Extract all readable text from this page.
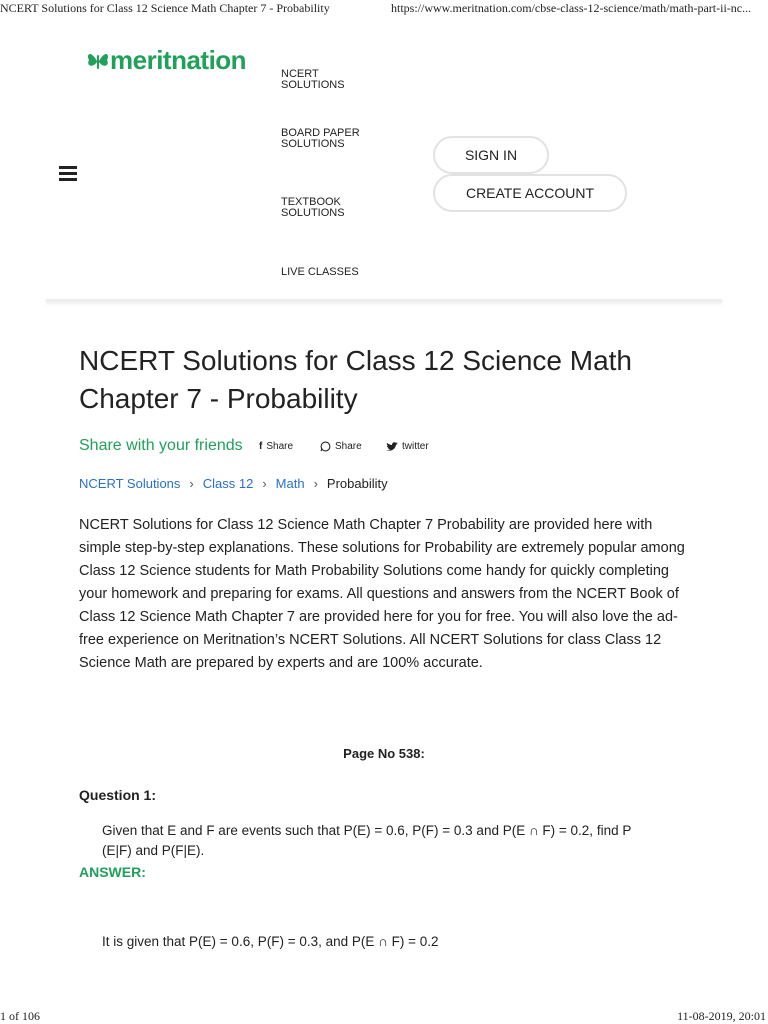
NCERT Solutions for Class 12 Science Math Chapter 7 - Probability	https://www.meritnation.com/cbse-class-12-science/math/math-part-ii-nc...
meritnation	NCERT SOLUTIONS
BOARD PAPER SOLUTIONS
TEXTBOOK SOLUTIONS
LIVE CLASSES
SIGN IN
CREATE ACCOUNT
NCERT Solutions for Class 12 Science Math Chapter 7 - Probability
Share with your friends f Share	Share	twitter
NCERT Solutions › Class 12 › Math › Probability
NCERT Solutions for Class 12 Science Math Chapter 7 Probability are provided here with simple step-by-step explanations. These solutions for Probability are extremely popular among Class 12 Science students for Math Probability Solutions come handy for quickly completing your homework and preparing for exams. All questions and answers from the NCERT Book of Class 12 Science Math Chapter 7 are provided here for you for free. You will also love the ad-free experience on Meritnation’s NCERT Solutions. All NCERT Solutions for class Class 12 Science Math are prepared by experts and are 100% accurate.
Page No 538:
Question 1:
Given that E and F are events such that P(E) = 0.6, P(F) = 0.3 and P(E ∩ F) = 0.2, find P (E|F) and P(F|E).
ANSWER:
It is given that P(E) = 0.6, P(F) = 0.3, and P(E ∩ F) = 0.2
1 of 106	11-08-2019, 20:01
